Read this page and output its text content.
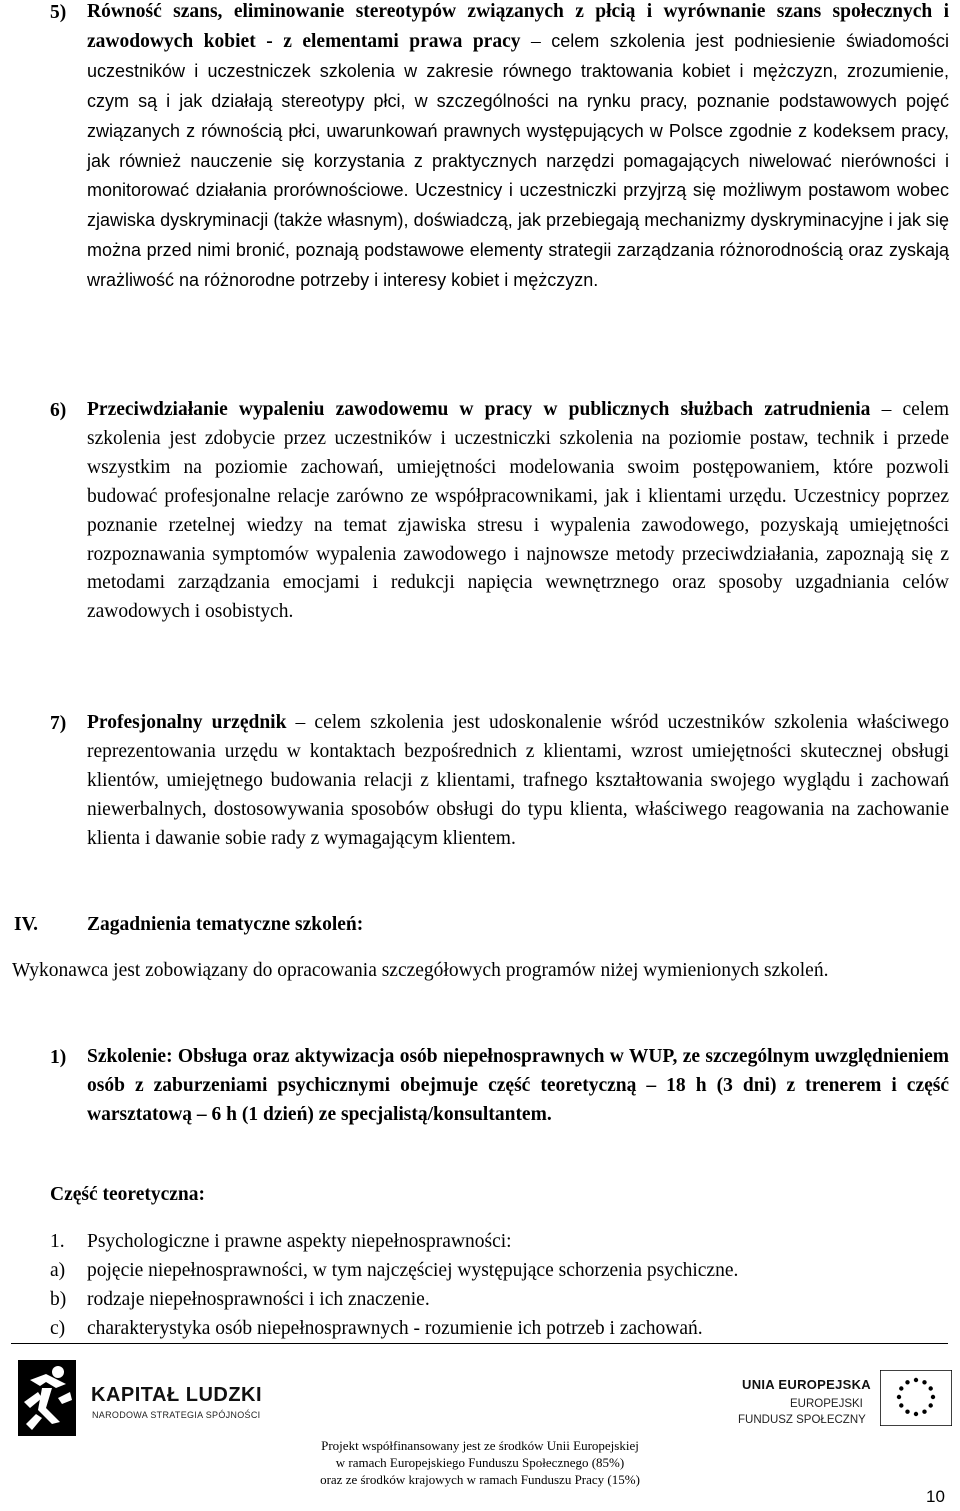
5) Równość szans, eliminowanie stereotypów związanych z płcią i wyrównanie szans społecznych i zawodowych kobiet - z elementami prawa pracy – celem szkolenia jest podniesienie świadomości uczestników i uczestniczek szkolenia w zakresie równego traktowania kobiet i mężczyzn, zrozumienie, czym są i jak działają stereotypy płci, w szczególności na rynku pracy, poznanie podstawowych pojęć związanych z równością płci, uwarunkowań prawnych występujących w Polsce zgodnie z kodeksem pracy, jak również nauczenie się korzystania z praktycznych narzędzi pomagających niwelować nierówności i monitorować działania prorównościowe. Uczestnicy i uczestniczki przyjrzą się możliwym postawom wobec zjawiska dyskryminacji (także własnym), doświadczą, jak przebiegają mechanizmy dyskryminacyjne i jak się można przed nimi bronić, poznają podstawowe elementy strategii zarządzania różnorodnością oraz zyskają wrażliwość na różnorodne potrzeby i interesy kobiet i mężczyzn.

6) Przeciwdziałanie wypaleniu zawodowemu w pracy w publicznych służbach zatrudnienia – celem szkolenia jest zdobycie przez uczestników i uczestniczki szkolenia na poziomie postaw, technik i przede wszystkim na poziomie zachowań, umiejętności modelowania swoim postępowaniem, które pozwoli budować profesjonalne relacje zarówno ze współpracownikami, jak i klientami urzędu. Uczestnicy poprzez poznanie rzetelnej wiedzy na temat zjawiska stresu i wypalenia zawodowego, pozyskają umiejętności rozpoznawania symptomów wypalenia zawodowego i najnowsze metody przeciwdziałania, zapoznają się z metodami zarządzania emocjami i redukcji napięcia wewnętrznego oraz sposoby uzgadniania celów zawodowych i osobistych.

7) Profesjonalny urzędnik – celem szkolenia jest udoskonalenie wśród uczestników szkolenia właściwego reprezentowania urzędu w kontaktach bezpośrednich z klientami, wzrost umiejętności skutecznej obsługi klientów, umiejętnego budowania relacji z klientami, trafnego kształtowania swojego wyglądu i zachowań niewerbalnych, dostosowywania sposobów obsługi do typu klienta, właściwego reagowania na zachowanie klienta i dawanie sobie rady z wymagającym klientem.

IV.	Zagadnienia tematyczne szkoleń:

Wykonawca jest zobowiązany do opracowania szczegółowych programów niżej wymienionych szkoleń.

1) Szkolenie: Obsługa oraz aktywizacja osób niepełnosprawnych w WUP, ze szczególnym uwzględnieniem osób z zaburzeniami psychicznymi obejmuje część teoretyczną – 18 h (3 dni) z trenerem i część warsztatową – 6 h (1 dzień) ze specjalistą/konsultantem.

Część teoretyczna:
1. Psychologiczne i prawne aspekty niepełnosprawności:
a) pojęcie niepełnosprawności, w tym najczęściej występujące schorzenia psychiczne.
b) rodzaje niepełnosprawności i ich znaczenie.
c) charakterystyka osób niepełnosprawnych - rozumienie ich potrzeb i zachowań.
KAPITAŁ LUDZKI
NARODOWA STRATEGIA SPÓJNOŚCI
UNIA EUROPEJSKA
EUROPEJSKI
FUNDUSZ SPOŁECZNY
Projekt współfinansowany jest ze środków Unii Europejskiej
w ramach Europejskiego Funduszu Społecznego (85%)
oraz ze środków krajowych w ramach Funduszu Pracy (15%)
10
